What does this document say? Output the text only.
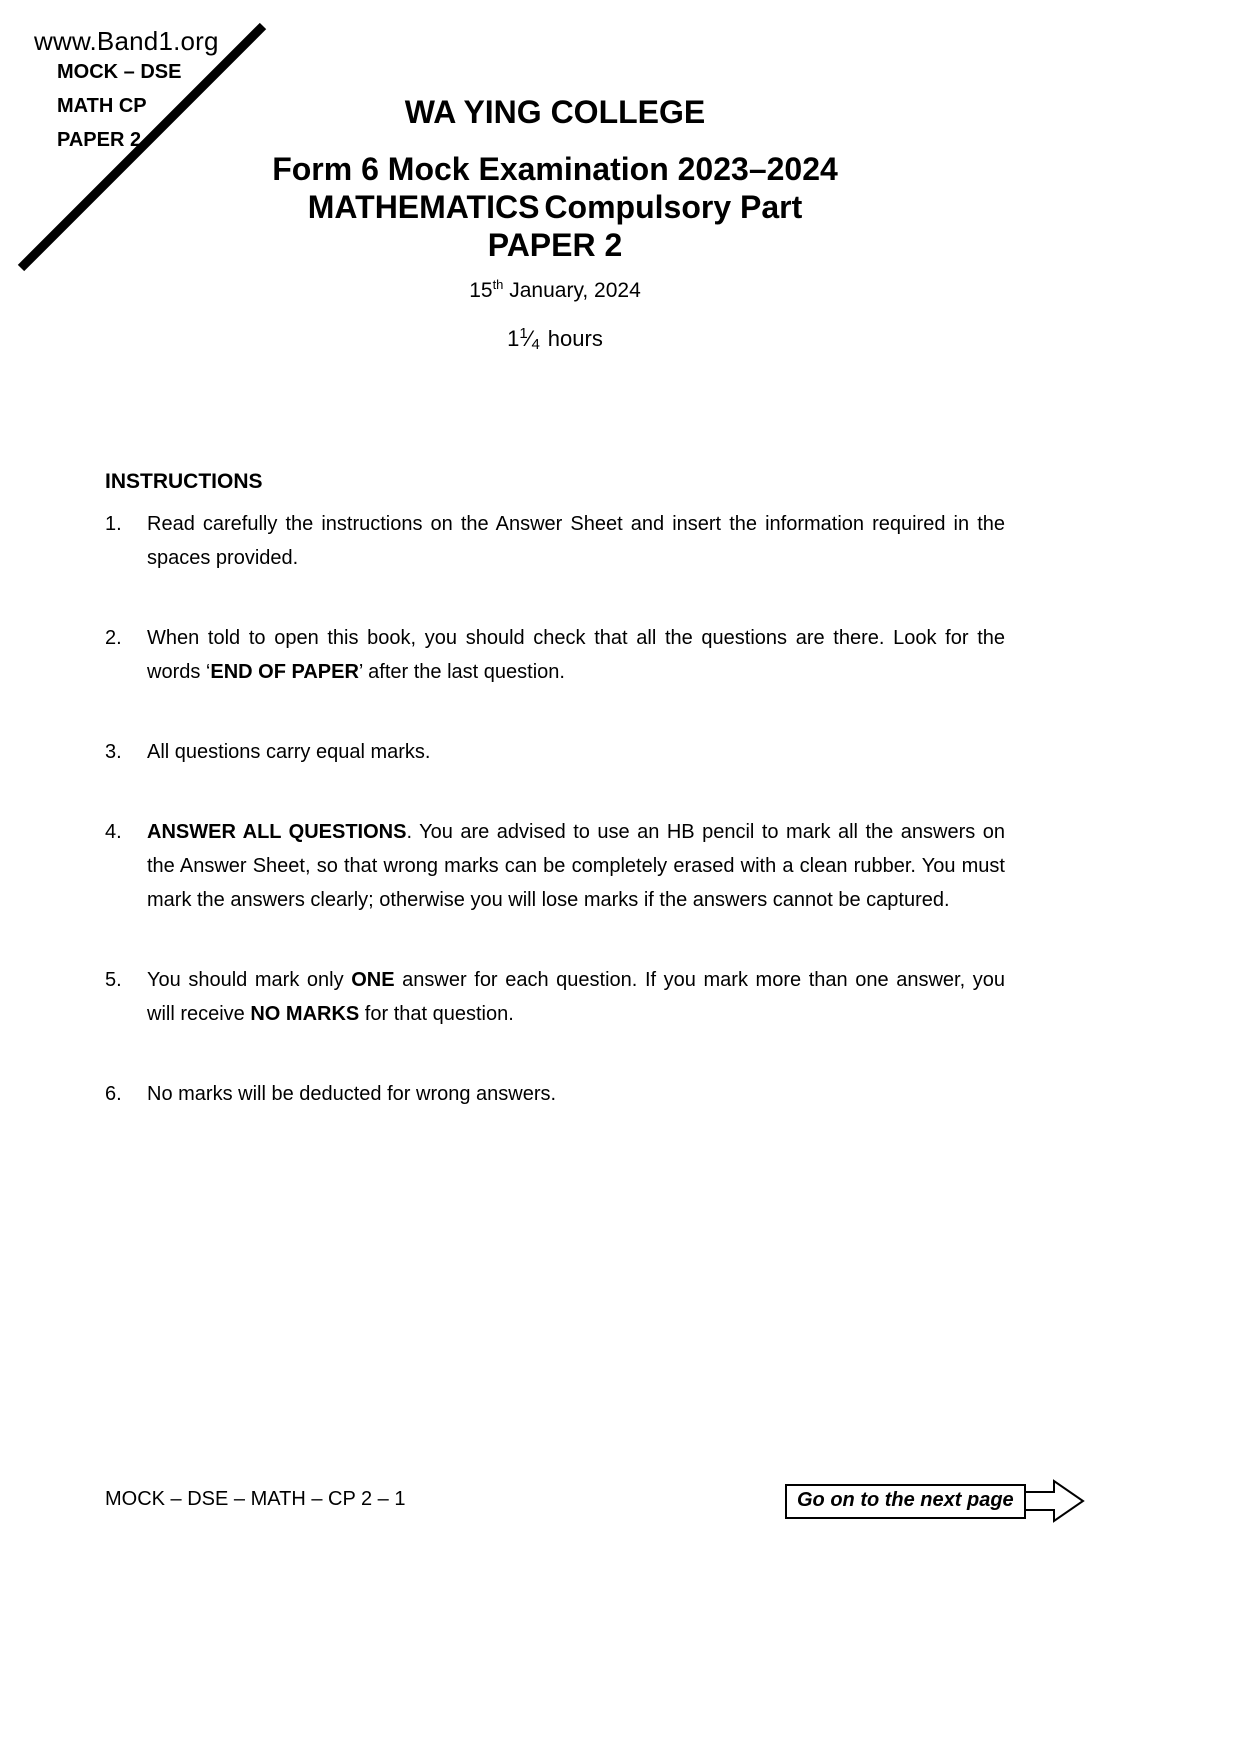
www.Band1.org
MOCK – DSE
MATH CP
PAPER 2
WA YING COLLEGE
Form 6 Mock Examination 2023–2024
MATHEMATICS Compulsory Part
PAPER 2
15th January, 2024
$1^1⁄4$ hours
INSTRUCTIONS
1.	Read carefully the instructions on the Answer Sheet and insert the information required in the spaces provided.
2.	When told to open this book, you should check that all the questions are there. Look for the words ‘END OF PAPER’ after the last question.
3.	All questions carry equal marks.
4.	ANSWER ALL QUESTIONS. You are advised to use an HB pencil to mark all the answers on the Answer Sheet, so that wrong marks can be completely erased with a clean rubber. You must mark the answers clearly; otherwise you will lose marks if the answers cannot be captured.
5.	You should mark only ONE answer for each question. If you mark more than one answer, you will receive NO MARKS for that question.
6.	No marks will be deducted for wrong answers.
MOCK – DSE – MATH – CP 2 – 1	Go on to the next page
